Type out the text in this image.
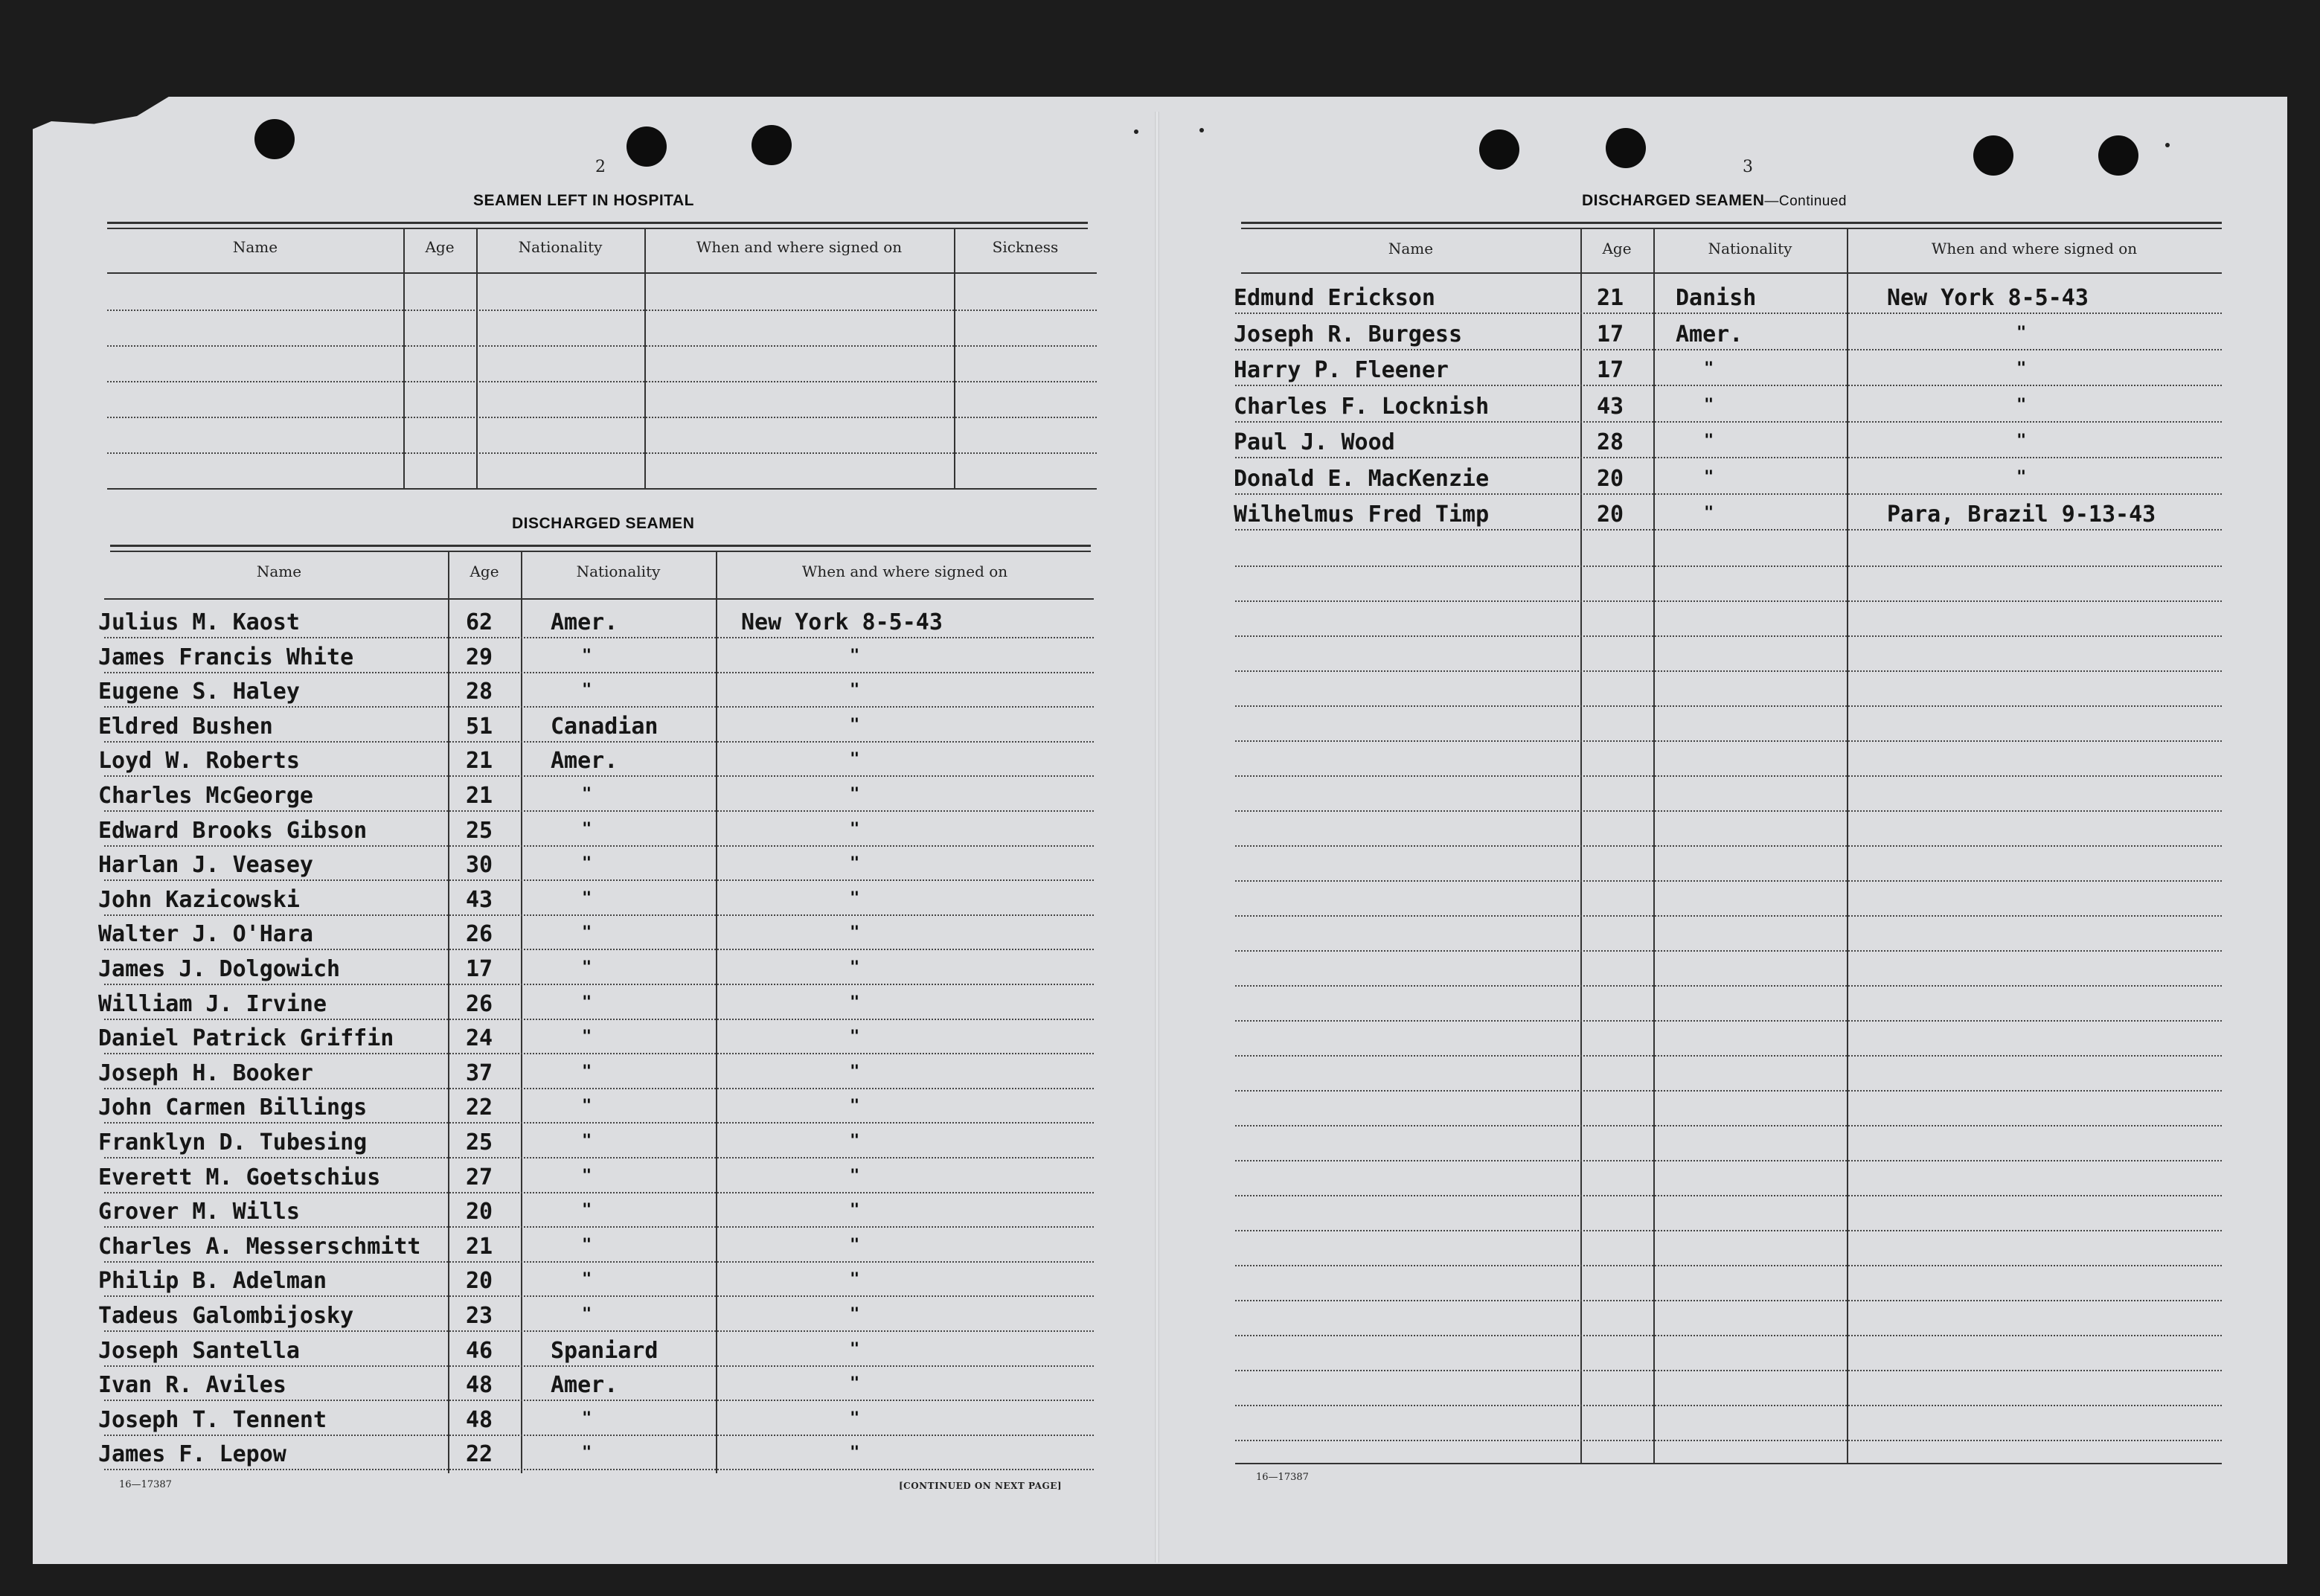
2
SEAMEN LEFT IN HOSPITAL
Name	Age	Nationality	When and where signed on	Sickness
DISCHARGED SEAMEN
Name	Age	Nationality	When and where signed on
Julius M. Kaost	62	Amer.	New York 8-5-43
James Francis White	29	"	"
Eugene S. Haley	28	"	"
Eldred Bushen	51	Canadian	"
Loyd W. Roberts	21	Amer.	"
Charles McGeorge	21	"	"
Edward Brooks Gibson	25	"	"
Harlan J. Veasey	30	"	"
John Kazicowski	43	"	"
Walter J. O'Hara	26	"	"
James J. Dolgowich	17	"	"
William J. Irvine	26	"	"
Daniel Patrick Griffin	24	"	"
Joseph H. Booker	37	"	"
John Carmen Billings	22	"	"
Franklyn D. Tubesing	25	"	"
Everett M. Goetschius	27	"	"
Grover M. Wills	20	"	"
Charles A. Messerschmitt 21	"	"
Philip B. Adelman	20	"	"
Tadeus Galombijosky	23	"	"
Joseph Santella	46	Spaniard	"
Ivan R. Aviles	48	Amer.	"
Joseph T. Tennent	48	"	"
James F. Lepow	22	"	"
16—17387	[CONTINUED ON NEXT PAGE]
3
DISCHARGED SEAMEN—Continued
Name	Age	Nationality	When and where signed on
Edmund Erickson	21 Danish	New York 8-5-43
Joseph R. Burgess	17 Amer.	"
Harry P. Fleener	17	"	"
Charles F. Locknish	43	"	"
Paul J. Wood	28	"	"
Donald E. MacKenzie	20	"	"
Wilhelmus Fred Timp	20	"	Para, Brazil 9-13-43
16—17387
